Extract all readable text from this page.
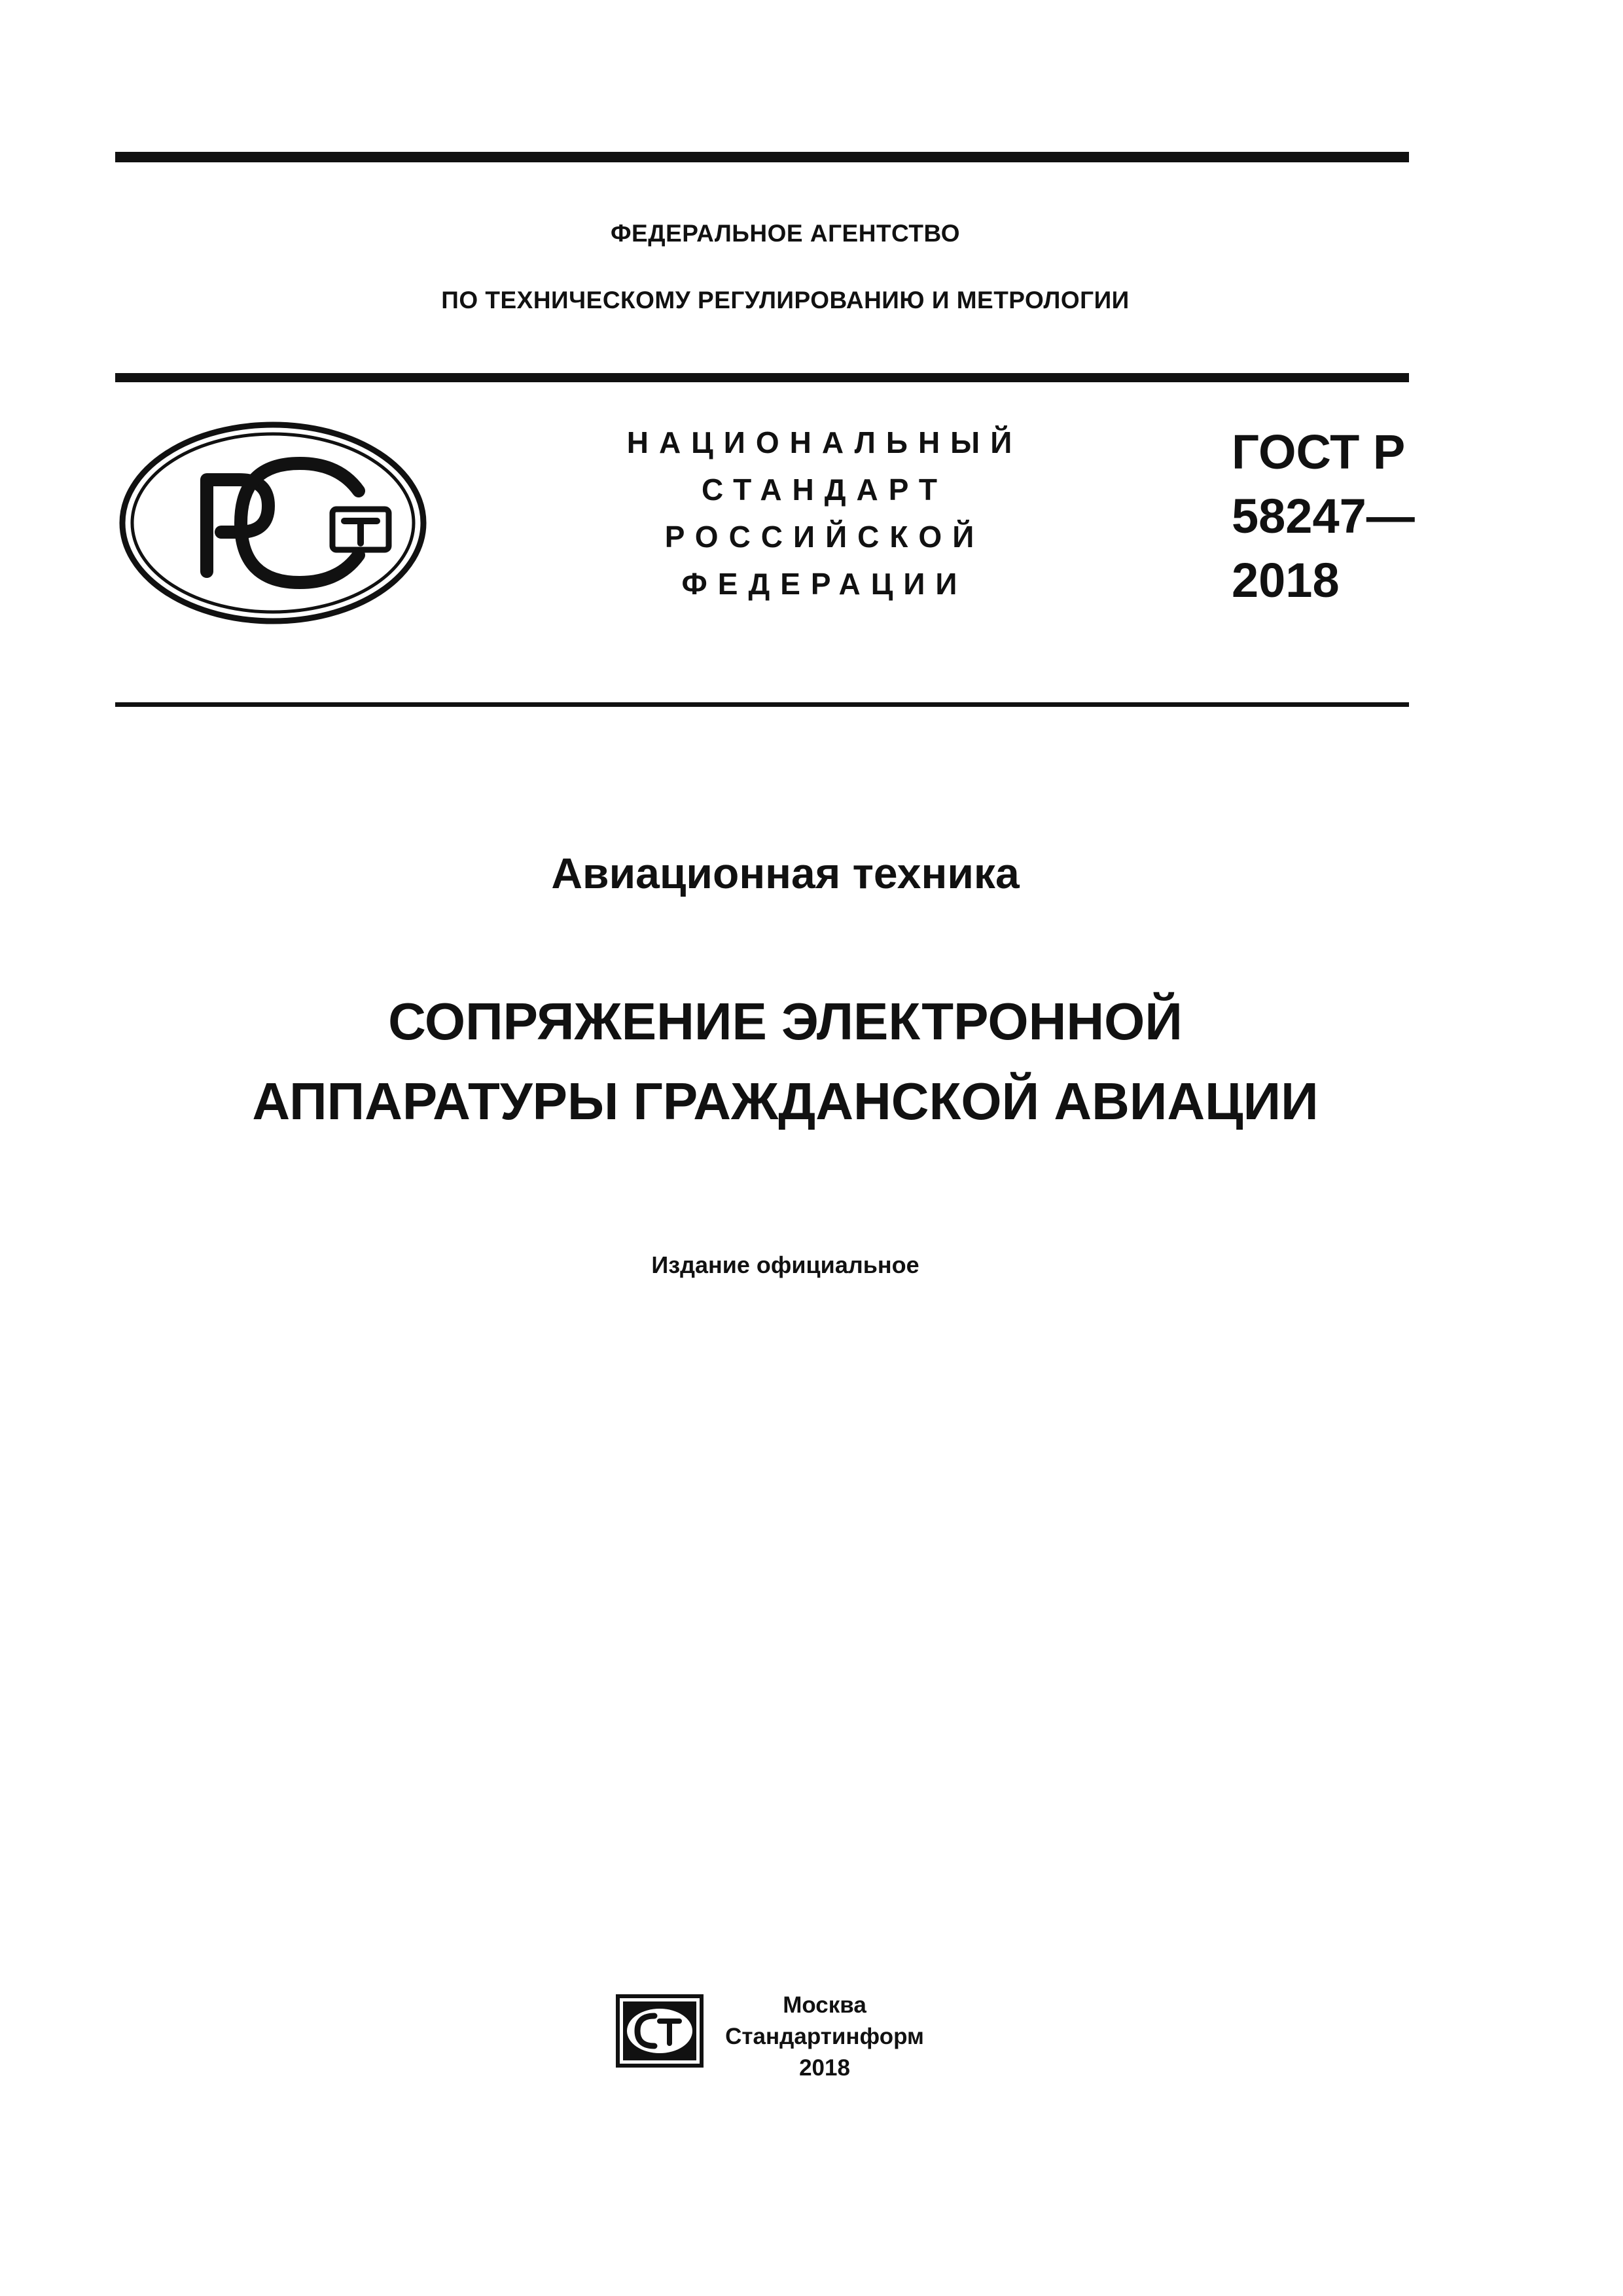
ФЕДЕРАЛЬНОЕ АГЕНТСТВО
ПО ТЕХНИЧЕСКОМУ РЕГУЛИРОВАНИЮ И МЕТРОЛОГИИ
РСТ
НАЦИОНАЛЬНЫЙ
СТАНДАРТ
РОССИЙСКОЙ
ФЕДЕРАЦИИ
ГОСТ Р
58247—
2018
Авиационная техника
СОПРЯЖЕНИЕ ЭЛЕКТРОННОЙ
АППАРАТУРЫ ГРАЖДАНСКОЙ АВИАЦИИ
Издание официальное
СТИ	Москва
Стандартинформ
2018
